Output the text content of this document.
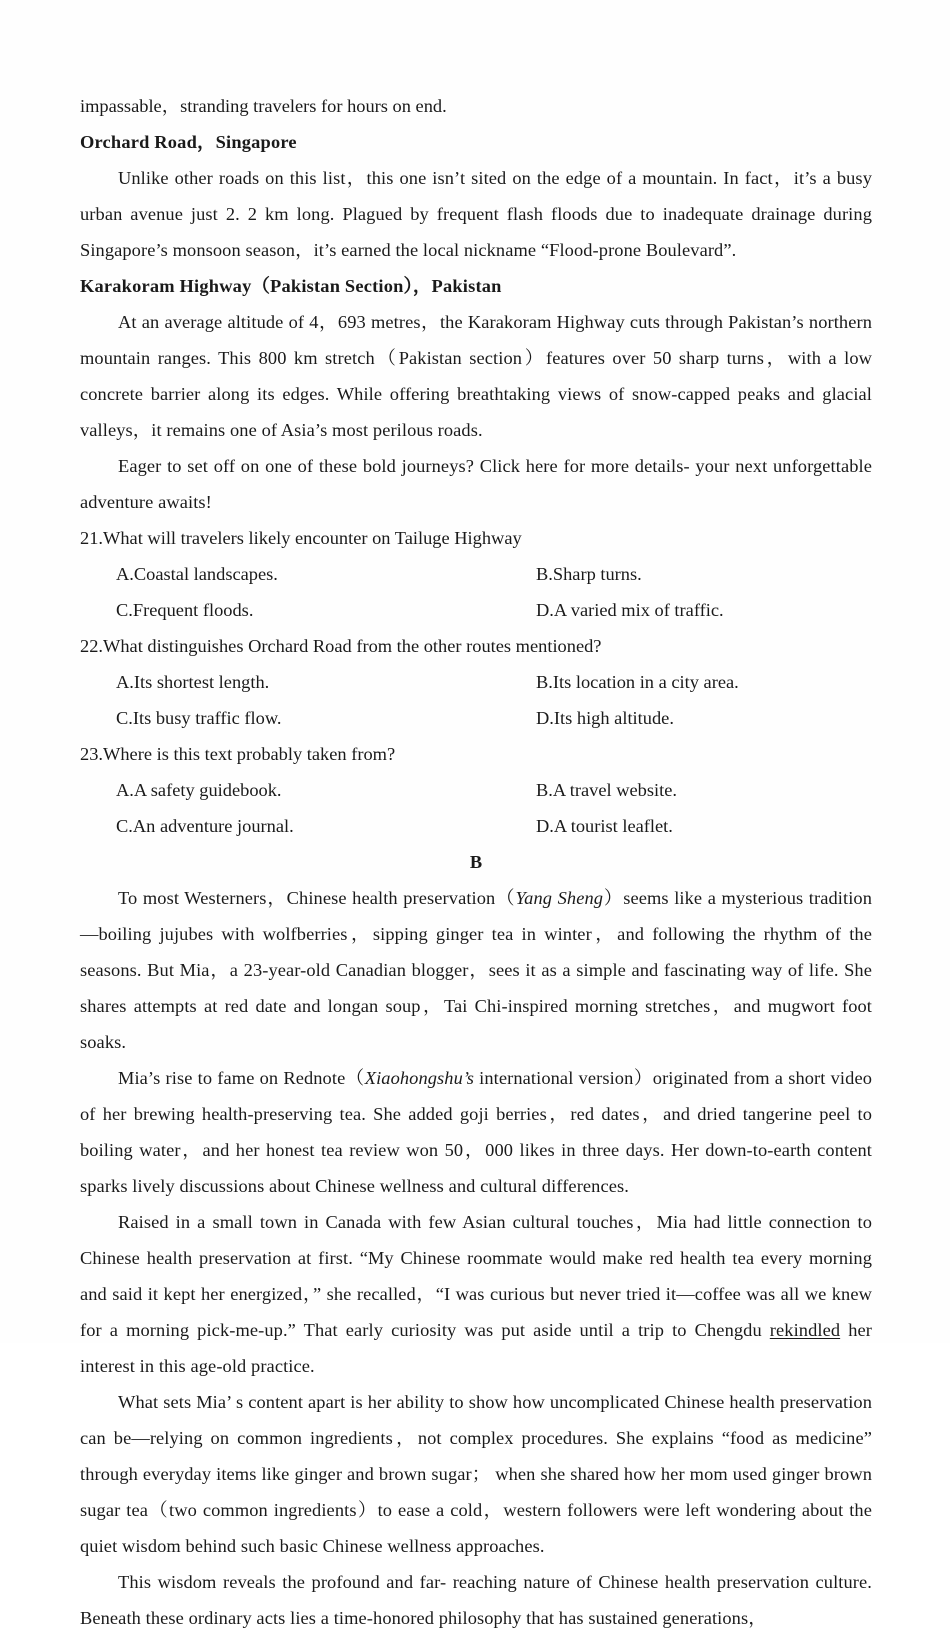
impassable，stranding travelers for hours on end.

Orchard Road，Singapore

Unlike other roads on this list，this one isn’t sited on the edge of a mountain. In fact，it’s a busy urban avenue just 2. 2 km long. Plagued by frequent flash floods due to inadequate drainage during Singapore’s monsoon season，it’s earned the local nickname “Flood-prone Boulevard”.

Karakoram Highway（Pakistan Section），Pakistan

At an average altitude of 4，693 metres，the Karakoram Highway cuts through Pakistan’s northern mountain ranges. This 800 km stretch（Pakistan section）features over 50 sharp turns，with a low concrete barrier along its edges. While offering breathtaking views of snow-capped peaks and glacial valleys，it remains one of Asia’s most perilous roads.

Eager to set off on one of these bold journeys? Click here for more details- your next unforgettable adventure awaits!

21.What will travelers likely encounter on Tailuge Highway
A.Coastal landscapes.	B.Sharp turns.
C.Frequent floods.	D.A varied mix of traffic.
22.What distinguishes Orchard Road from the other routes mentioned?
A.Its shortest length.	B.Its location in a city area.
C.Its busy traffic flow.	D.Its high altitude.
23.Where is this text probably taken from?
A.A safety guidebook.	B.A travel website.
C.An adventure journal.	D.A tourist leaflet.

B

To most Westerners，Chinese health preservation（Yang Sheng）seems like a mysterious tradition—boiling jujubes with wolfberries，sipping ginger tea in winter，and following the rhythm of the seasons. But Mia，a 23-year-old Canadian blogger，sees it as a simple and fascinating way of life. She shares attempts at red date and longan soup，Tai Chi-inspired morning stretches，and mugwort foot soaks.

Mia’s rise to fame on Rednote（Xiaohongshu’s international version）originated from a short video of her brewing health-preserving tea. She added goji berries，red dates，and dried tangerine peel to boiling water，and her honest tea review won 50，000 likes in three days. Her down-to-earth content sparks lively discussions about Chinese wellness and cultural differences.

Raised in a small town in Canada with few Asian cultural touches，Mia had little connection to Chinese health preservation at first. “My Chinese roommate would make red health tea every morning and said it kept her energized，” she recalled，“I was curious but never tried it—coffee was all we knew for a morning pick-me-up.” That early curiosity was put aside until a trip to Chengdu rekindled her interest in this age-old practice.

What sets Mia’ s content apart is her ability to show how uncomplicated Chinese health preservation can be—relying on common ingredients，not complex procedures. She explains “food as medicine” through everyday items like ginger and brown sugar； when she shared how her mom used ginger brown sugar tea（two common ingredients）to ease a cold，western followers were left wondering about the quiet wisdom behind such basic Chinese wellness approaches.

This wisdom reveals the profound and far- reaching nature of Chinese health preservation culture. Beneath these ordinary acts lies a time-honored philosophy that has sustained generations，
